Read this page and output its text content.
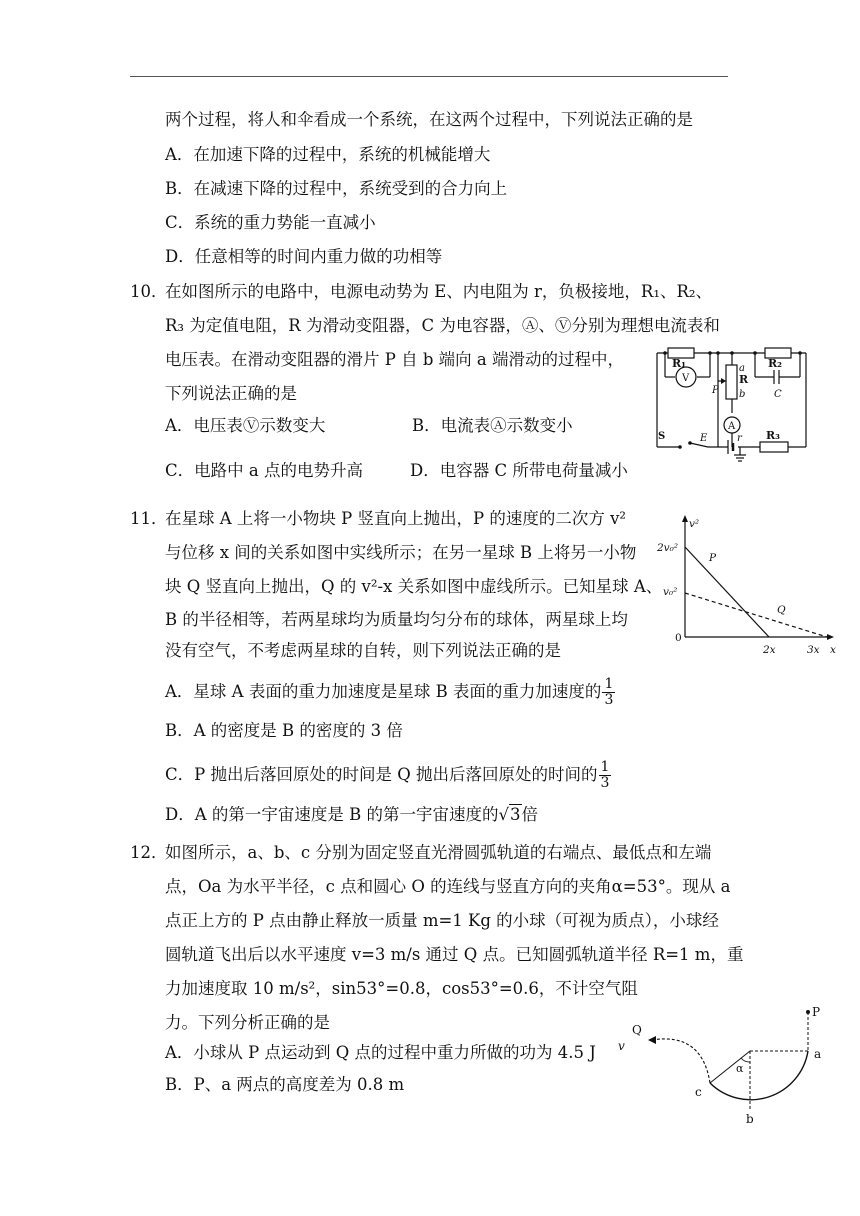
两个过程，将人和伞看成一个系统，在这两个过程中，下列说法正确的是
A．在加速下降的过程中，系统的机械能增大
B．在减速下降的过程中，系统受到的合力向上
C．系统的重力势能一直减小
D．任意相等的时间内重力做的功相等
10．
在如图所示的电路中，电源电动势为 E、内电阻为 r，负极接地，R₁、R₂、
R₃ 为定值电阻，R 为滑动变阻器，C 为电容器，Ⓐ、Ⓥ分别为理想电流表和
电压表。在滑动变阻器的滑片 P 自 b 端向 a 端滑动的过程中，
下列说法正确的是
A．电压表Ⓥ示数变大	B．电流表Ⓐ示数变小
C．电路中 a 点的电势升高	D．电容器 C 所带电荷量减小
R₁	R₂
R₃
R
a
b
P	C
E	r
V
A
S
11．
在星球 A 上将一小物块 P 竖直向上抛出，P 的速度的二次方 v²
与位移 x 间的关系如图中实线所示；在另一星球 B 上将另一小物
块 Q 竖直向上抛出，Q 的 v²-x 关系如图中虚线所示。已知星球 A、
B 的半径相等，若两星球均为质量均匀分布的球体，两星球上均
没有空气，不考虑两星球的自转，则下列说法正确的是
A．星球 A 表面的重力加速度是星球 B 表面的重力加速度的 $\frac{1}{3}$
B．A 的密度是 B 的密度的 3 倍
C．P 抛出后落回原处的时间是 Q 抛出后落回原处的时间的 $\frac{1}{3}$
D．A 的第一宇宙速度是 B 的第一宇宙速度的√3倍
v²
2v₀²
v₀²
2x	3x x
P
Q
0
12．
如图所示，a、b、c 分别为固定竖直光滑圆弧轨道的右端点、最低点和左端
点，Oa 为水平半径，c 点和圆心 O 的连线与竖直方向的夹角α=53°。现从 a
点正上方的 P 点由静止释放一质量 m=1 Kg 的小球（可视为质点），小球经
圆轨道飞出后以水平速度 v=3 m/s 通过 Q 点。已知圆弧轨道半径 R=1 m，重
力加速度取 10 m/s²，sin53°=0.8，cos53°=0.6，不计空气阻
力。下列分析正确的是
A．小球从 P 点运动到 Q 点的过程中重力所做的功为 4.5 J
B．P、a 两点的高度差为 0.8 m
Q
v
P
a
b
c
α
